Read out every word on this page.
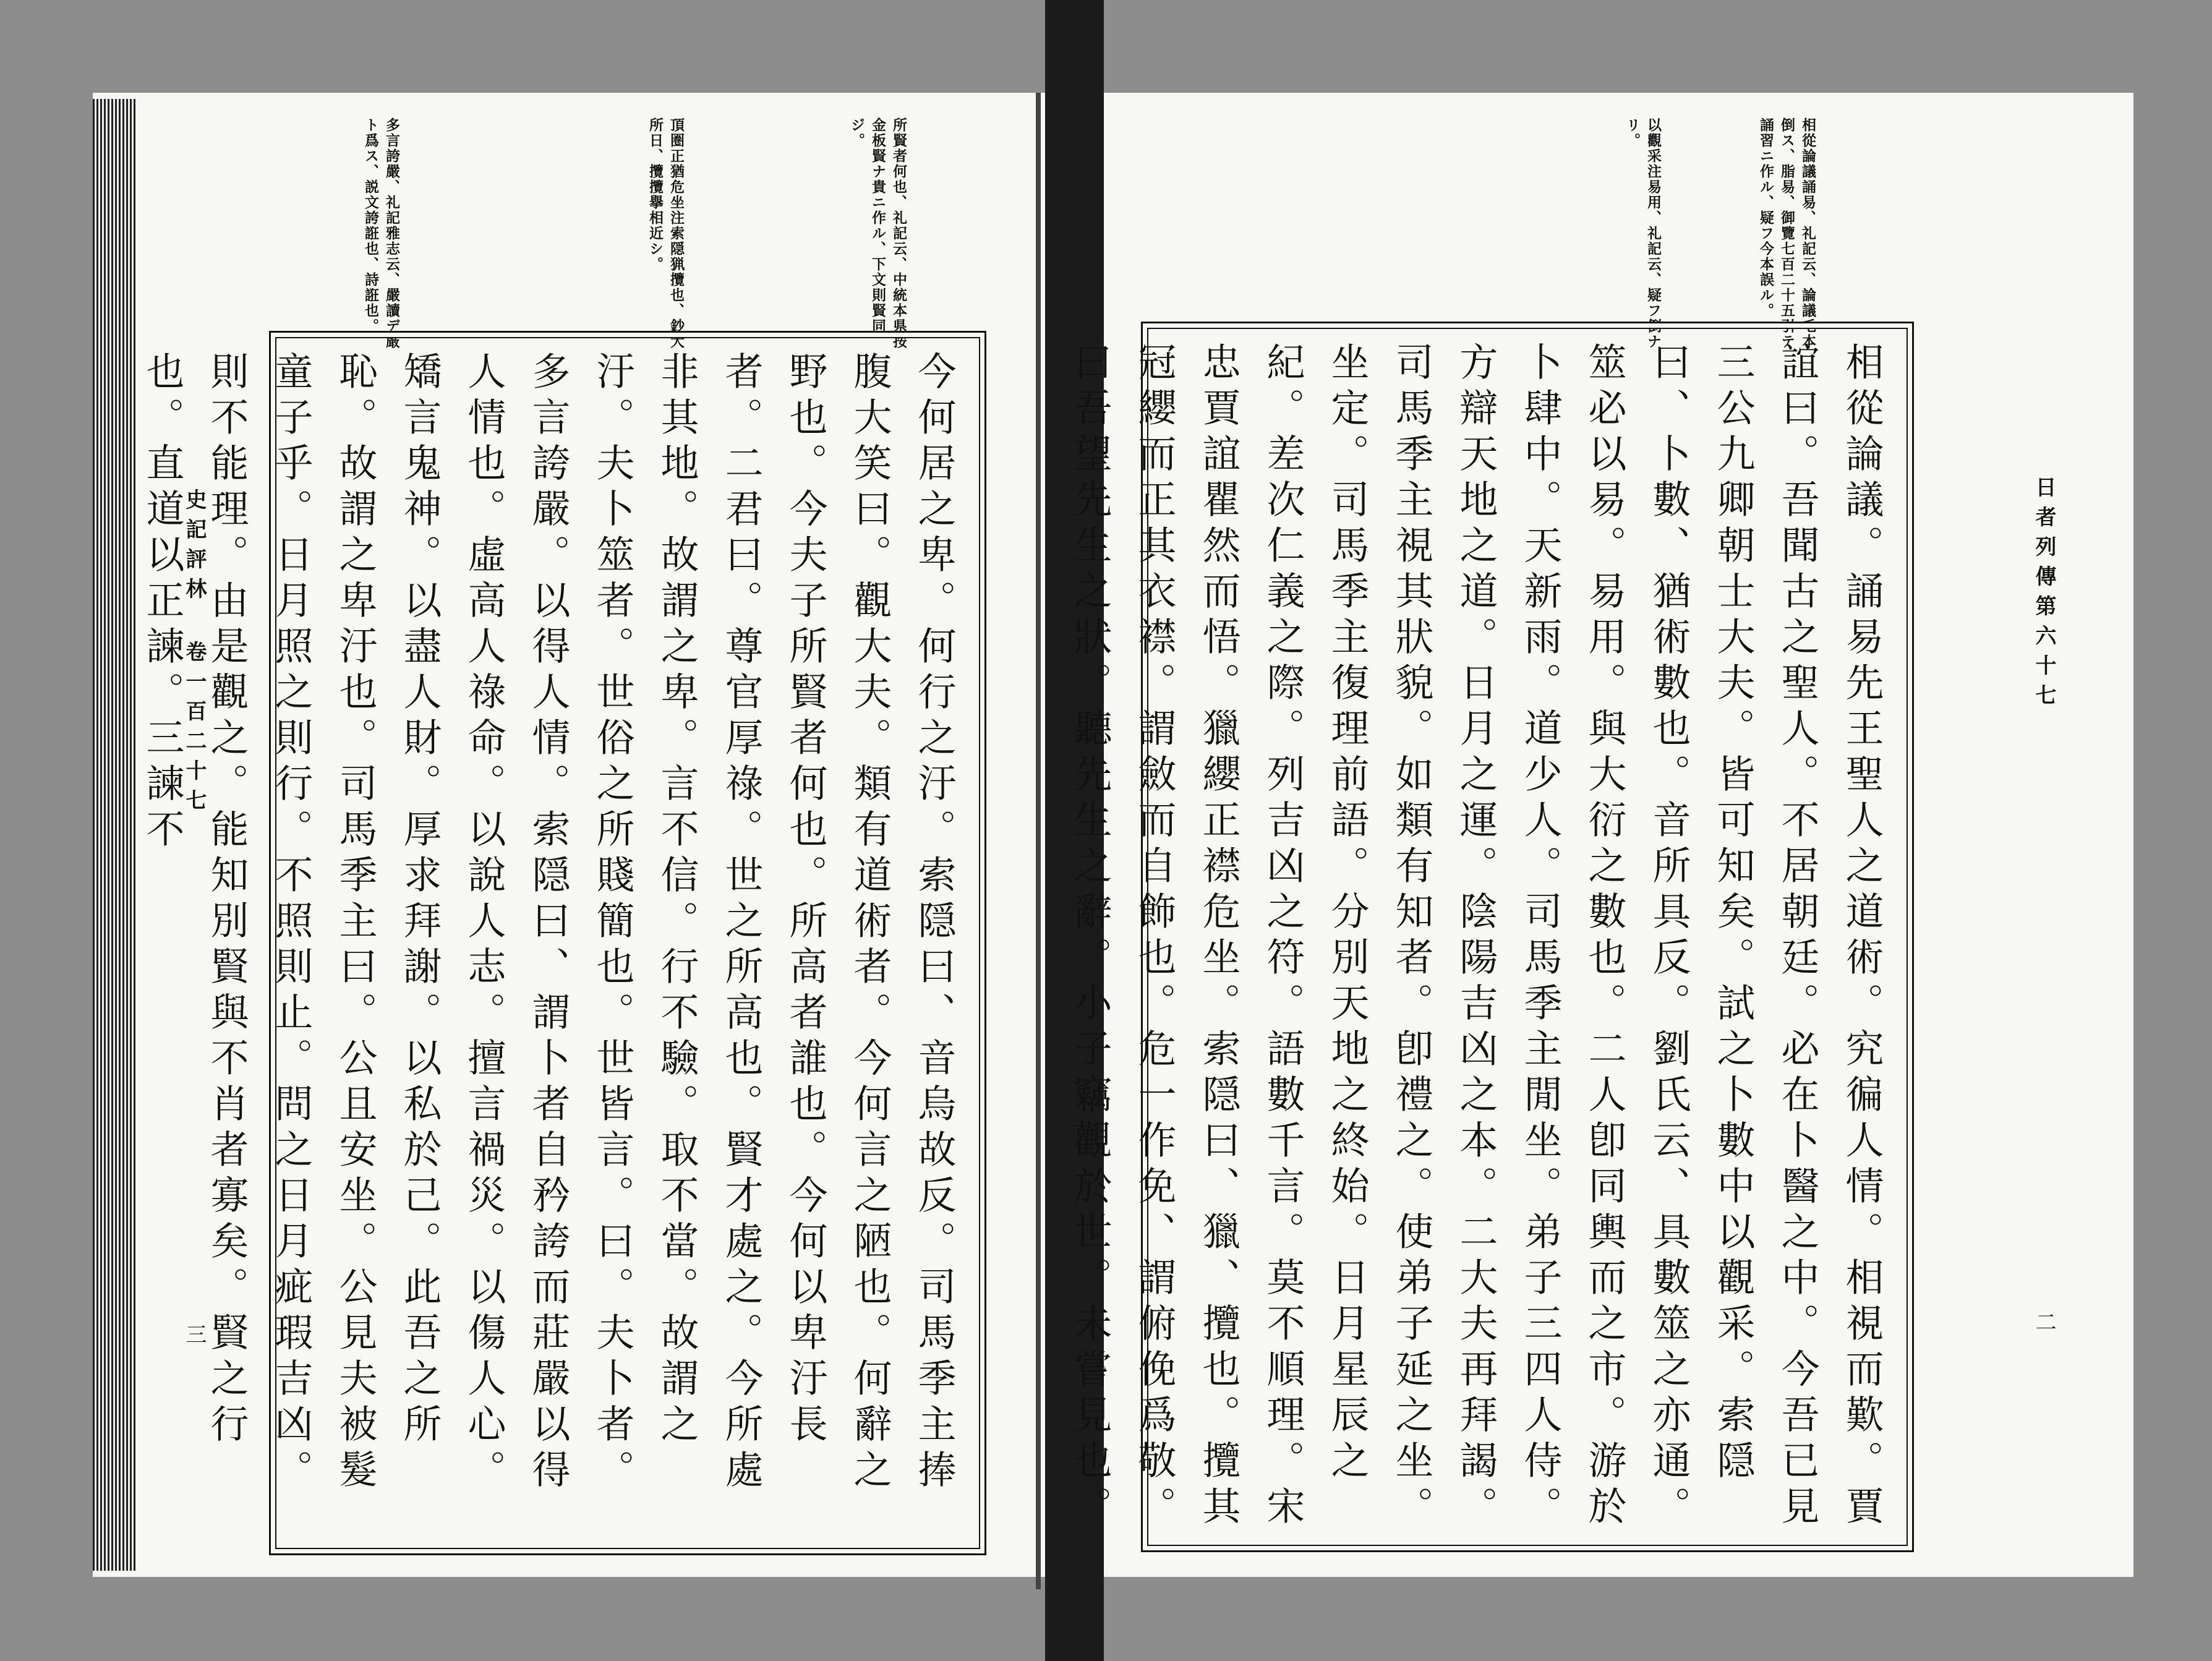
史記評林 卷一百二十七
三
所賢者何也、礼記云、中統本県按金板賢ナ貴ニ作ル、下文則賢同ジ。
頂圏正猶危坐注索隠猟攬也、鈔大所日、攬攬擧相近シ。
多言誇嚴、礼記雅志云、嚴讀デ厳ト爲ス、説文誇誑也、詩誑也。
今何居之卑。何行之汙。索隠曰、音烏故反。司馬季主捧腹大笑曰。觀大夫。類有道術者。今何言之陋也。何辭之野也。今夫子所賢者何也。所高者誰也。今何以卑汙長者。二君曰。尊官厚祿。世之所高也。賢才處之。今所處非其地。故謂之卑。言不信。行不驗。取不當。故謂之汙。夫卜筮者。世俗之所賤簡也。世皆言。曰。夫卜者。多言誇嚴。以得人情。索隠曰、謂卜者自矜誇而莊嚴以得人情也。虛高人祿命。以說人志。擅言禍災。以傷人心。矯言鬼神。以盡人財。厚求拜謝。以私於己。此吾之所恥。故謂之卑汙也。司馬季主曰。公且安坐。公見夫被髮童子乎。日月照之則行。不照則止。問之日月疵瑕吉凶。則不能理。由是觀之。能知別賢與不肖者寡矣。賢之行也。直道以正諫。三諫不	日者列傳第六十七
二
相從論議誦易、礼記云、論議毛本倒ス、脂易、御覽七百二十五引テ誦習ニ作ル、疑フ今本誤ル。
以觀采注易用、礼記云、疑フ倒ナリ。
相從論議。誦易先王聖人之道術。究徧人情。相視而歎。賈誼曰。吾聞古之聖人。不居朝廷。必在卜醫之中。今吾已見三公九卿朝士大夫。皆可知矣。試之卜數中以觀采。索隠曰、卜數、猶術數也。音所具反。劉氏云、具數筮之亦通。筮必以易。易用。與大衍之數也。二人卽同輿而之市。游於卜肆中。天新雨。道少人。司馬季主閒坐。弟子三四人侍。方辯天地之道。日月之運。陰陽吉凶之本。二大夫再拜謁。司馬季主視其狀貌。如類有知者。卽禮之。使弟子延之坐。坐定。司馬季主復理前語。分別天地之終始。日月星辰之紀。差次仁義之際。列吉凶之符。語數千言。莫不順理。宋忠賈誼瞿然而悟。獵纓正襟危坐。索隠曰、獵、攬也。攬其冠纓而正其衣襟。謂斂而自飾也。危一作免、謂俯俛爲敬。曰吾望先生之狀。聽先生之辭。小子竊觀於世。未嘗見也。
